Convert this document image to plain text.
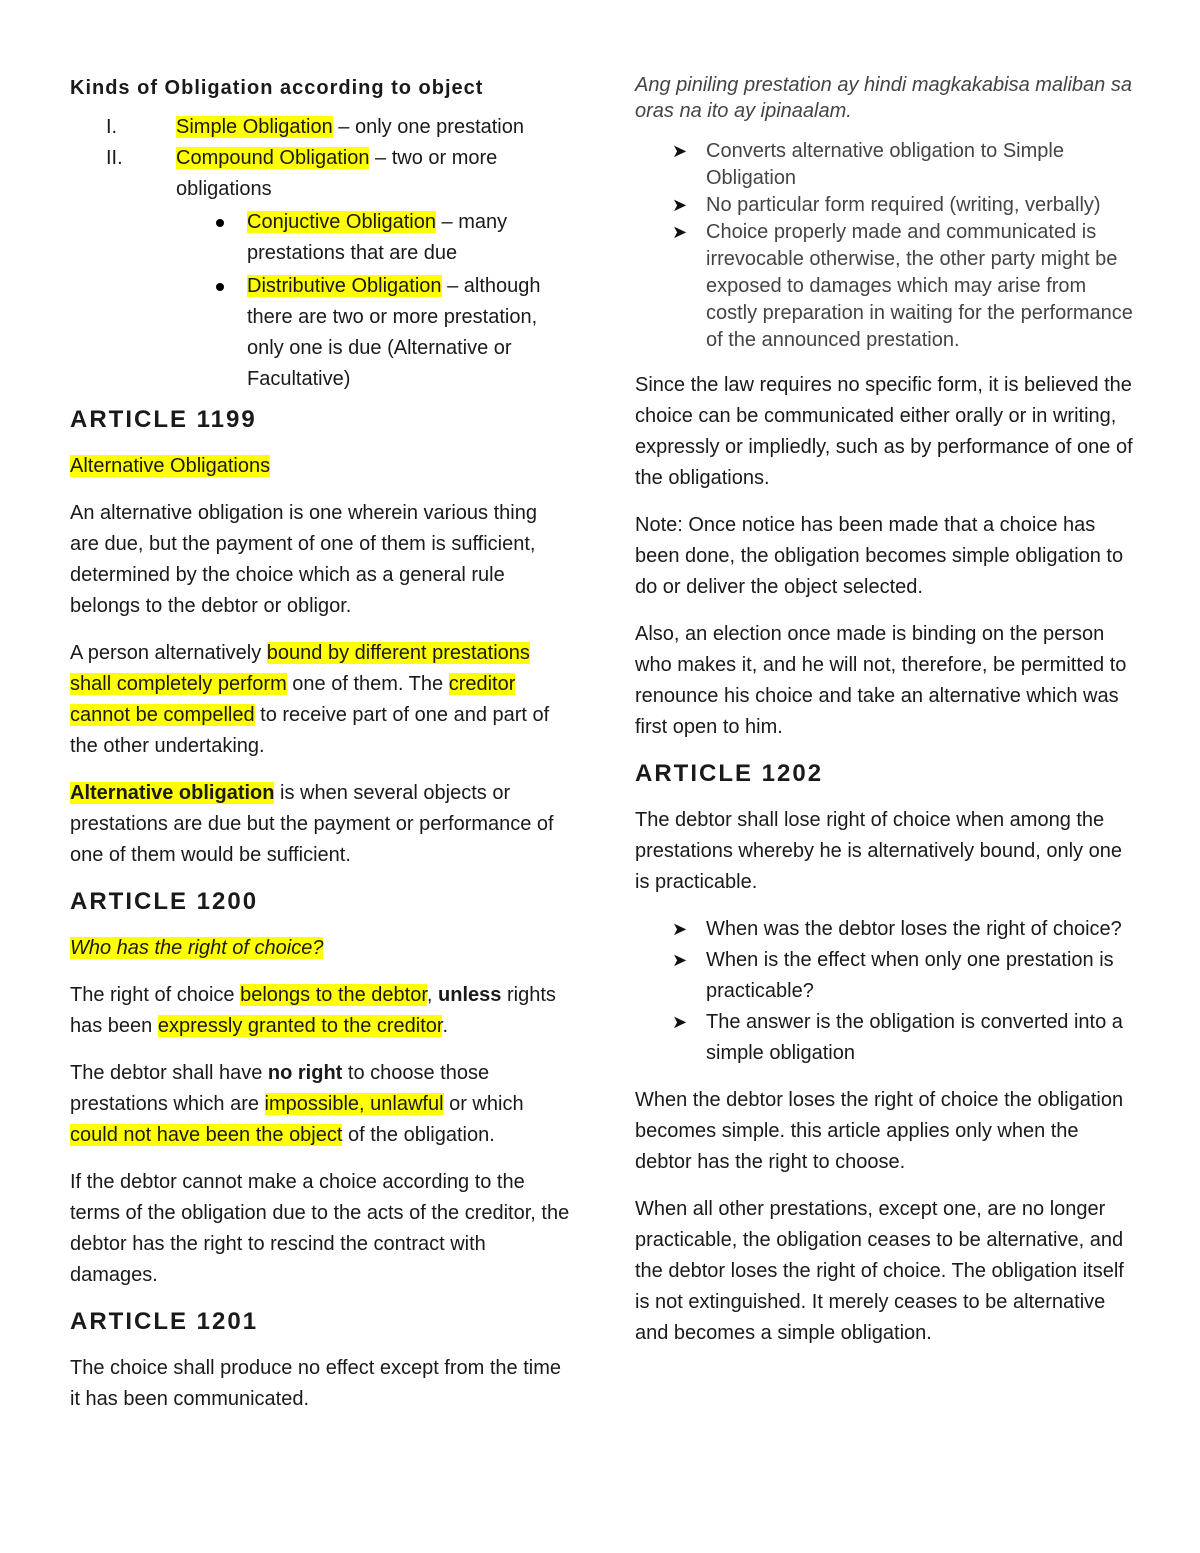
Kinds of Obligation according to object
I.	Simple Obligation – only one prestation
II.	Compound Obligation – two or more obligations
Conjuctive Obligation – many prestations that are due
Distributive Obligation – although there are two or more prestation, only one is due (Alternative or Facultative)
ARTICLE 1199

Alternative Obligations

An alternative obligation is one wherein various thing are due, but the payment of one of them is sufficient, determined by the choice which as a general rule belongs to the debtor or obligor.

A person alternatively bound by different prestations shall completely perform one of them. The creditor cannot be compelled to receive part of one and part of the other undertaking.

Alternative obligation is when several objects or prestations are due but the payment or performance of one of them would be sufficient.

ARTICLE 1200

Who has the right of choice?

The right of choice belongs to the debtor, unless rights has been expressly granted to the creditor.

The debtor shall have no right to choose those prestations which are impossible, unlawful or which could not have been the object of the obligation.

If the debtor cannot make a choice according to the terms of the obligation due to the acts of the creditor, the debtor has the right to rescind the contract with damages.

ARTICLE 1201

The choice shall produce no effect except from the time it has been communicated.

Ang piniling prestation ay hindi magkakabisa maliban sa oras na ito ay ipinaalam.

➤ Converts alternative obligation to Simple Obligation
➤ No particular form required (writing, verbally)
➤ Choice properly made and communicated is irrevocable otherwise, the other party might be exposed to damages which may arise from costly preparation in waiting for the performance of the announced prestation.

Since the law requires no specific form, it is believed the choice can be communicated either orally or in writing, expressly or impliedly, such as by performance of one of the obligations.

Note: Once notice has been made that a choice has been done, the obligation becomes simple obligation to do or deliver the object selected.

Also, an election once made is binding on the person who makes it, and he will not, therefore, be permitted to renounce his choice and take an alternative which was first open to him.

ARTICLE 1202

The debtor shall lose right of choice when among the prestations whereby he is alternatively bound, only one is practicable.

➤ When was the debtor loses the right of choice?
➤ When is the effect when only one prestation is practicable?
➤ The answer is the obligation is converted into a simple obligation

When the debtor loses the right of choice the obligation becomes simple. this article applies only when the debtor has the right to choose.

When all other prestations, except one, are no longer practicable, the obligation ceases to be alternative, and the debtor loses the right of choice. The obligation itself is not extinguished. It merely ceases to be alternative and becomes a simple obligation.
